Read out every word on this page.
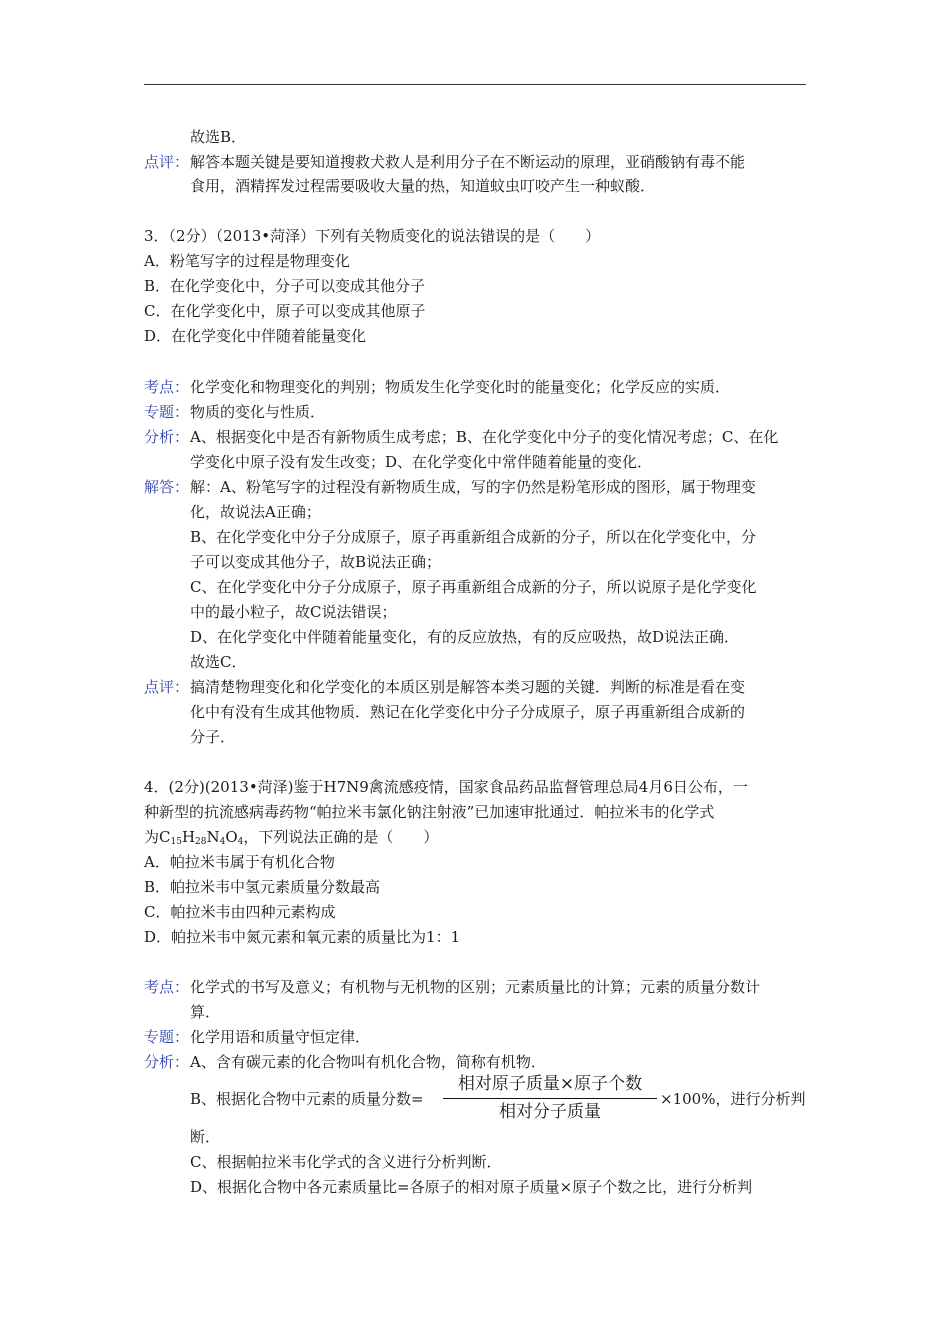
故选B．
点评： 解答本题关键是要知道搜救犬救人是利用分子在不断运动的原理，亚硝酸钠有毒不能
食用，酒精挥发过程需要吸收大量的热，知道蚊虫叮咬产生一种蚁酸．
3．（2分）（2013•菏泽）下列有关物质变化的说法错误的是（　　）
A．粉笔写字的过程是物理变化
B．在化学变化中，分子可以变成其他分子
C．在化学变化中，原子可以变成其他原子
D．在化学变化中伴随着能量变化
考点： 化学变化和物理变化的判别；物质发生化学变化时的能量变化；化学反应的实质．
专题： 物质的变化与性质．
分析： A、根据变化中是否有新物质生成考虑；B、在化学变化中分子的变化情况考虑；C、在化
学变化中原子没有发生改变；D、在化学变化中常伴随着能量的变化．
解答： 解：A、粉笔写字的过程没有新物质生成，写的字仍然是粉笔形成的图形，属于物理变
化，故说法A正确；
B、在化学变化中分子分成原子，原子再重新组合成新的分子，所以在化学变化中，分
子可以变成其他分子，故B说法正确；
C、在化学变化中分子分成原子，原子再重新组合成新的分子，所以说原子是化学变化
中的最小粒子，故C说法错误；
D、在化学变化中伴随着能量变化，有的反应放热，有的反应吸热，故D说法正确．
故选C．
点评： 搞清楚物理变化和化学变化的本质区别是解答本类习题的关键．判断的标准是看在变
化中有没有生成其他物质．熟记在化学变化中分子分成原子，原子再重新组合成新的
分子．
4．(2分)(2013•菏泽)鉴于H7N9禽流感疫情，国家食品药品监督管理总局4月6日公布，一
种新型的抗流感病毒药物“帕拉米韦氯化钠注射液”已加速审批通过．帕拉米韦的化学式
为$C_{15}H_{28}N_4O_4$，下列说法正确的是（　　）
A．帕拉米韦属于有机化合物
B．帕拉米韦中氢元素质量分数最高
C．帕拉米韦由四种元素构成
D．帕拉米韦中氮元素和氧元素的质量比为1：1
考点： 化学式的书写及意义；有机物与无机物的区别；元素质量比的计算；元素的质量分数计
算．
专题： 化学用语和质量守恒定律．
分析： A、含有碳元素的化合物叫有机化合物，简称有机物．
B、根据化合物中元素的质量分数=
相对原子质量×原子个数
相对分子质量
×100%，进行分析判
断．
C、根据帕拉米韦化学式的含义进行分析判断．
D、根据化合物中各元素质量比=各原子的相对原子质量×原子个数之比，进行分析判
